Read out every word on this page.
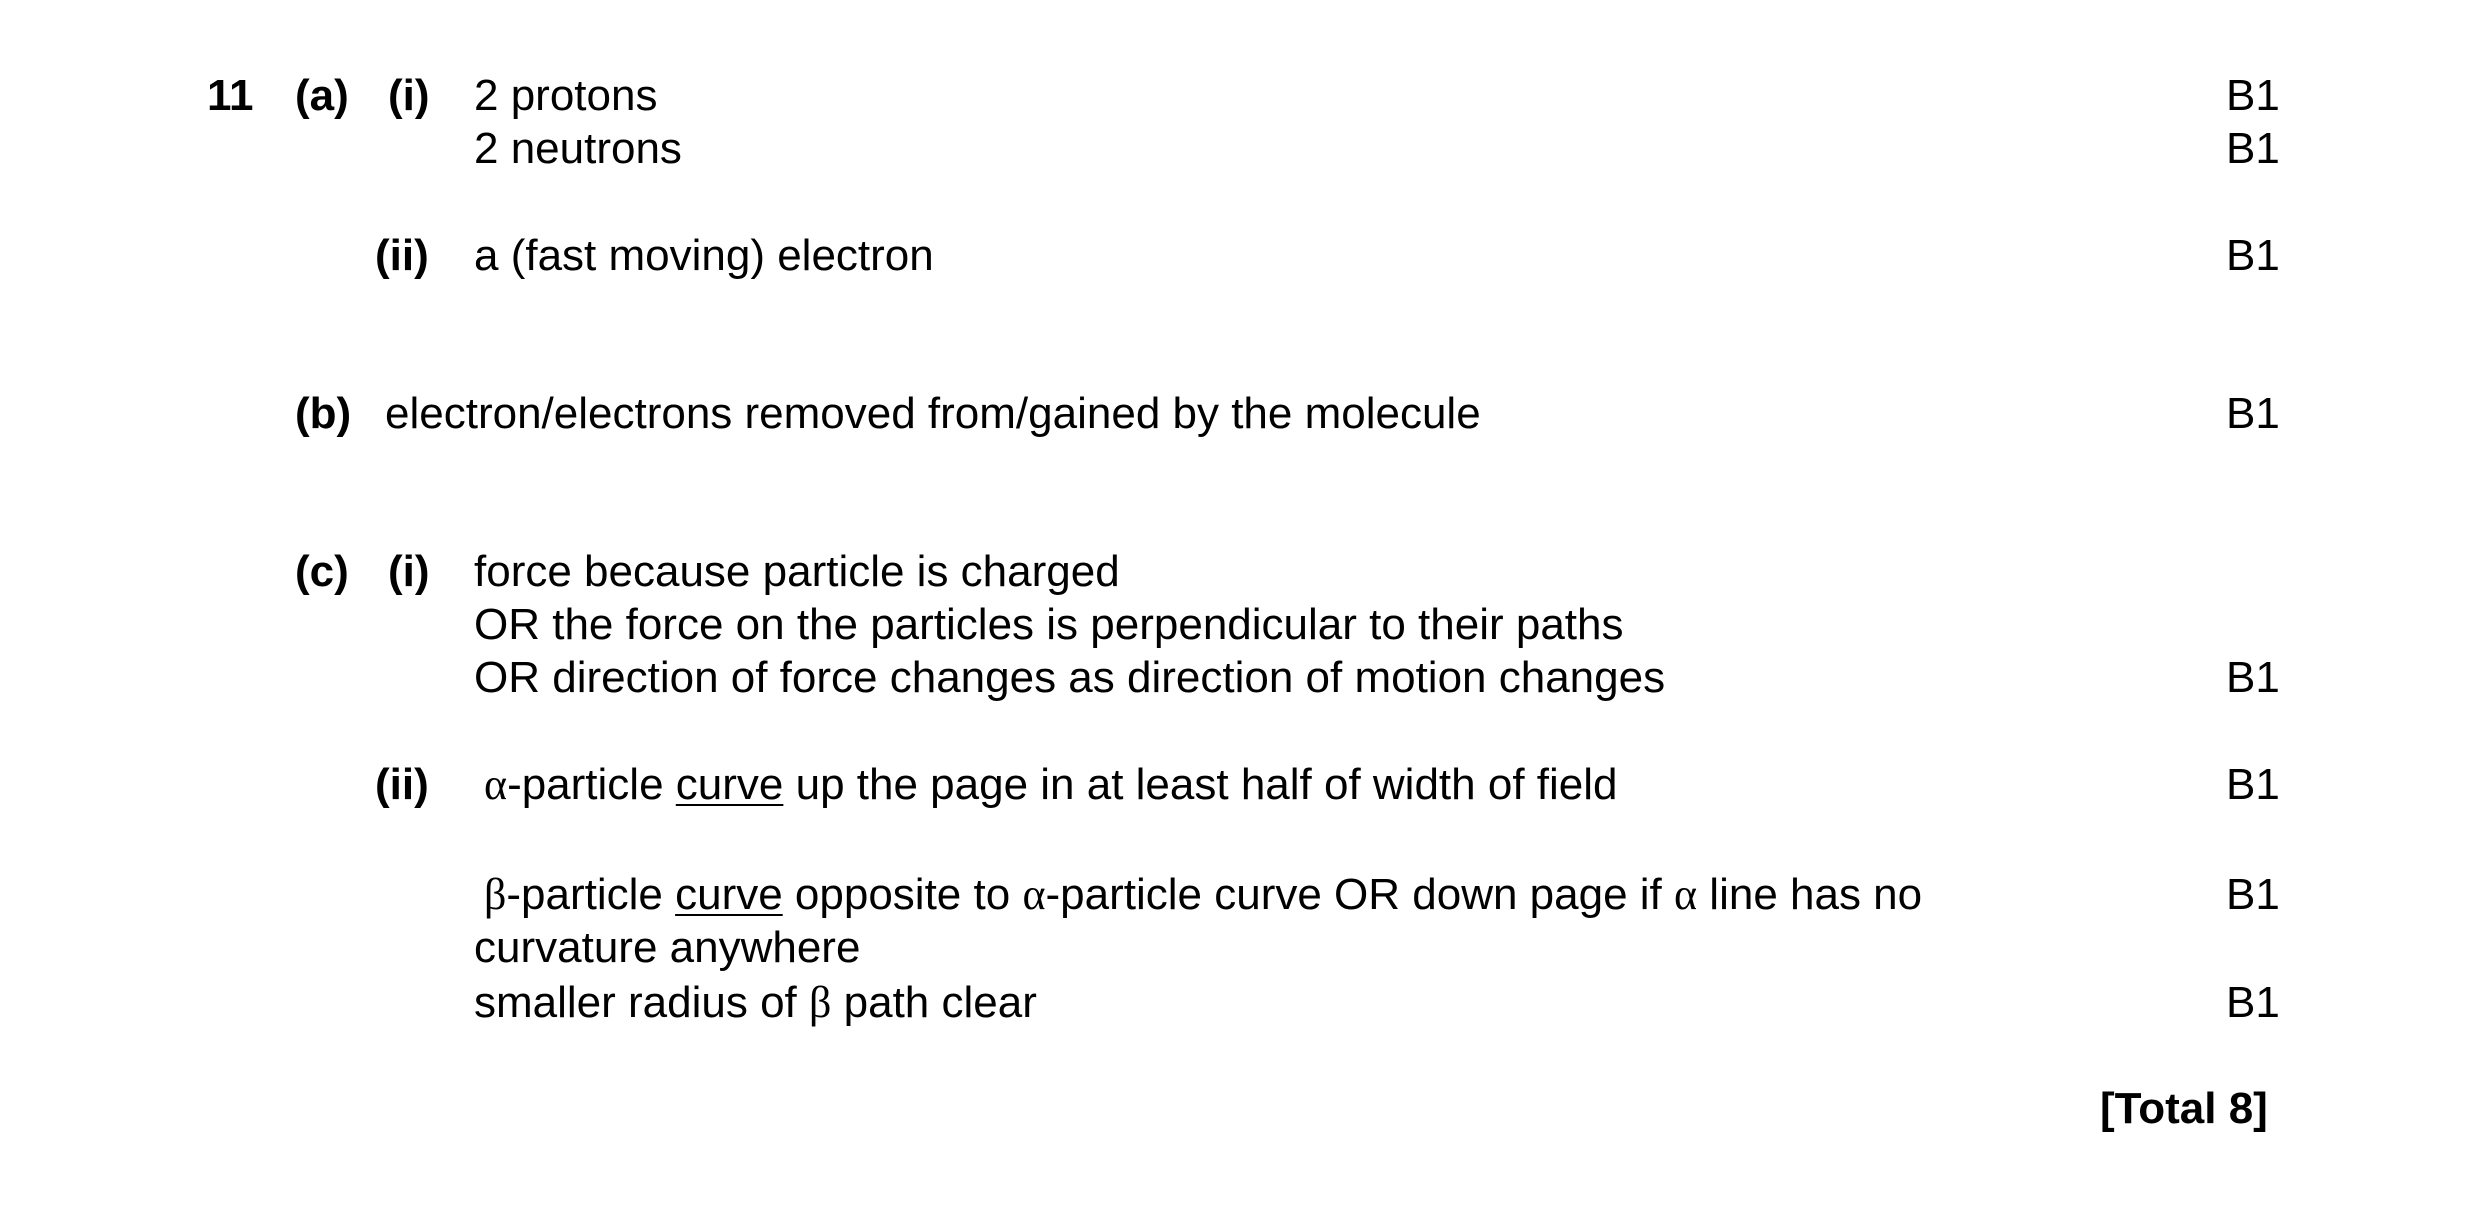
11 (a) (i) 2 protons	B1
2 neutrons	B1
(ii) a (fast moving) electron	B1
(b) electron/electrons removed from/gained by the molecule	B1
(c) (i) force because particle is charged
OR the force on the particles is perpendicular to their paths
OR direction of force changes as direction of motion changes	B1
(ii) α-particle curve up the page in at least half of width of field	B1
β-particle curve opposite to α-particle curve OR down page if α line has no	B1
curvature anywhere
smaller radius of β path clear	B1
[Total 8]
